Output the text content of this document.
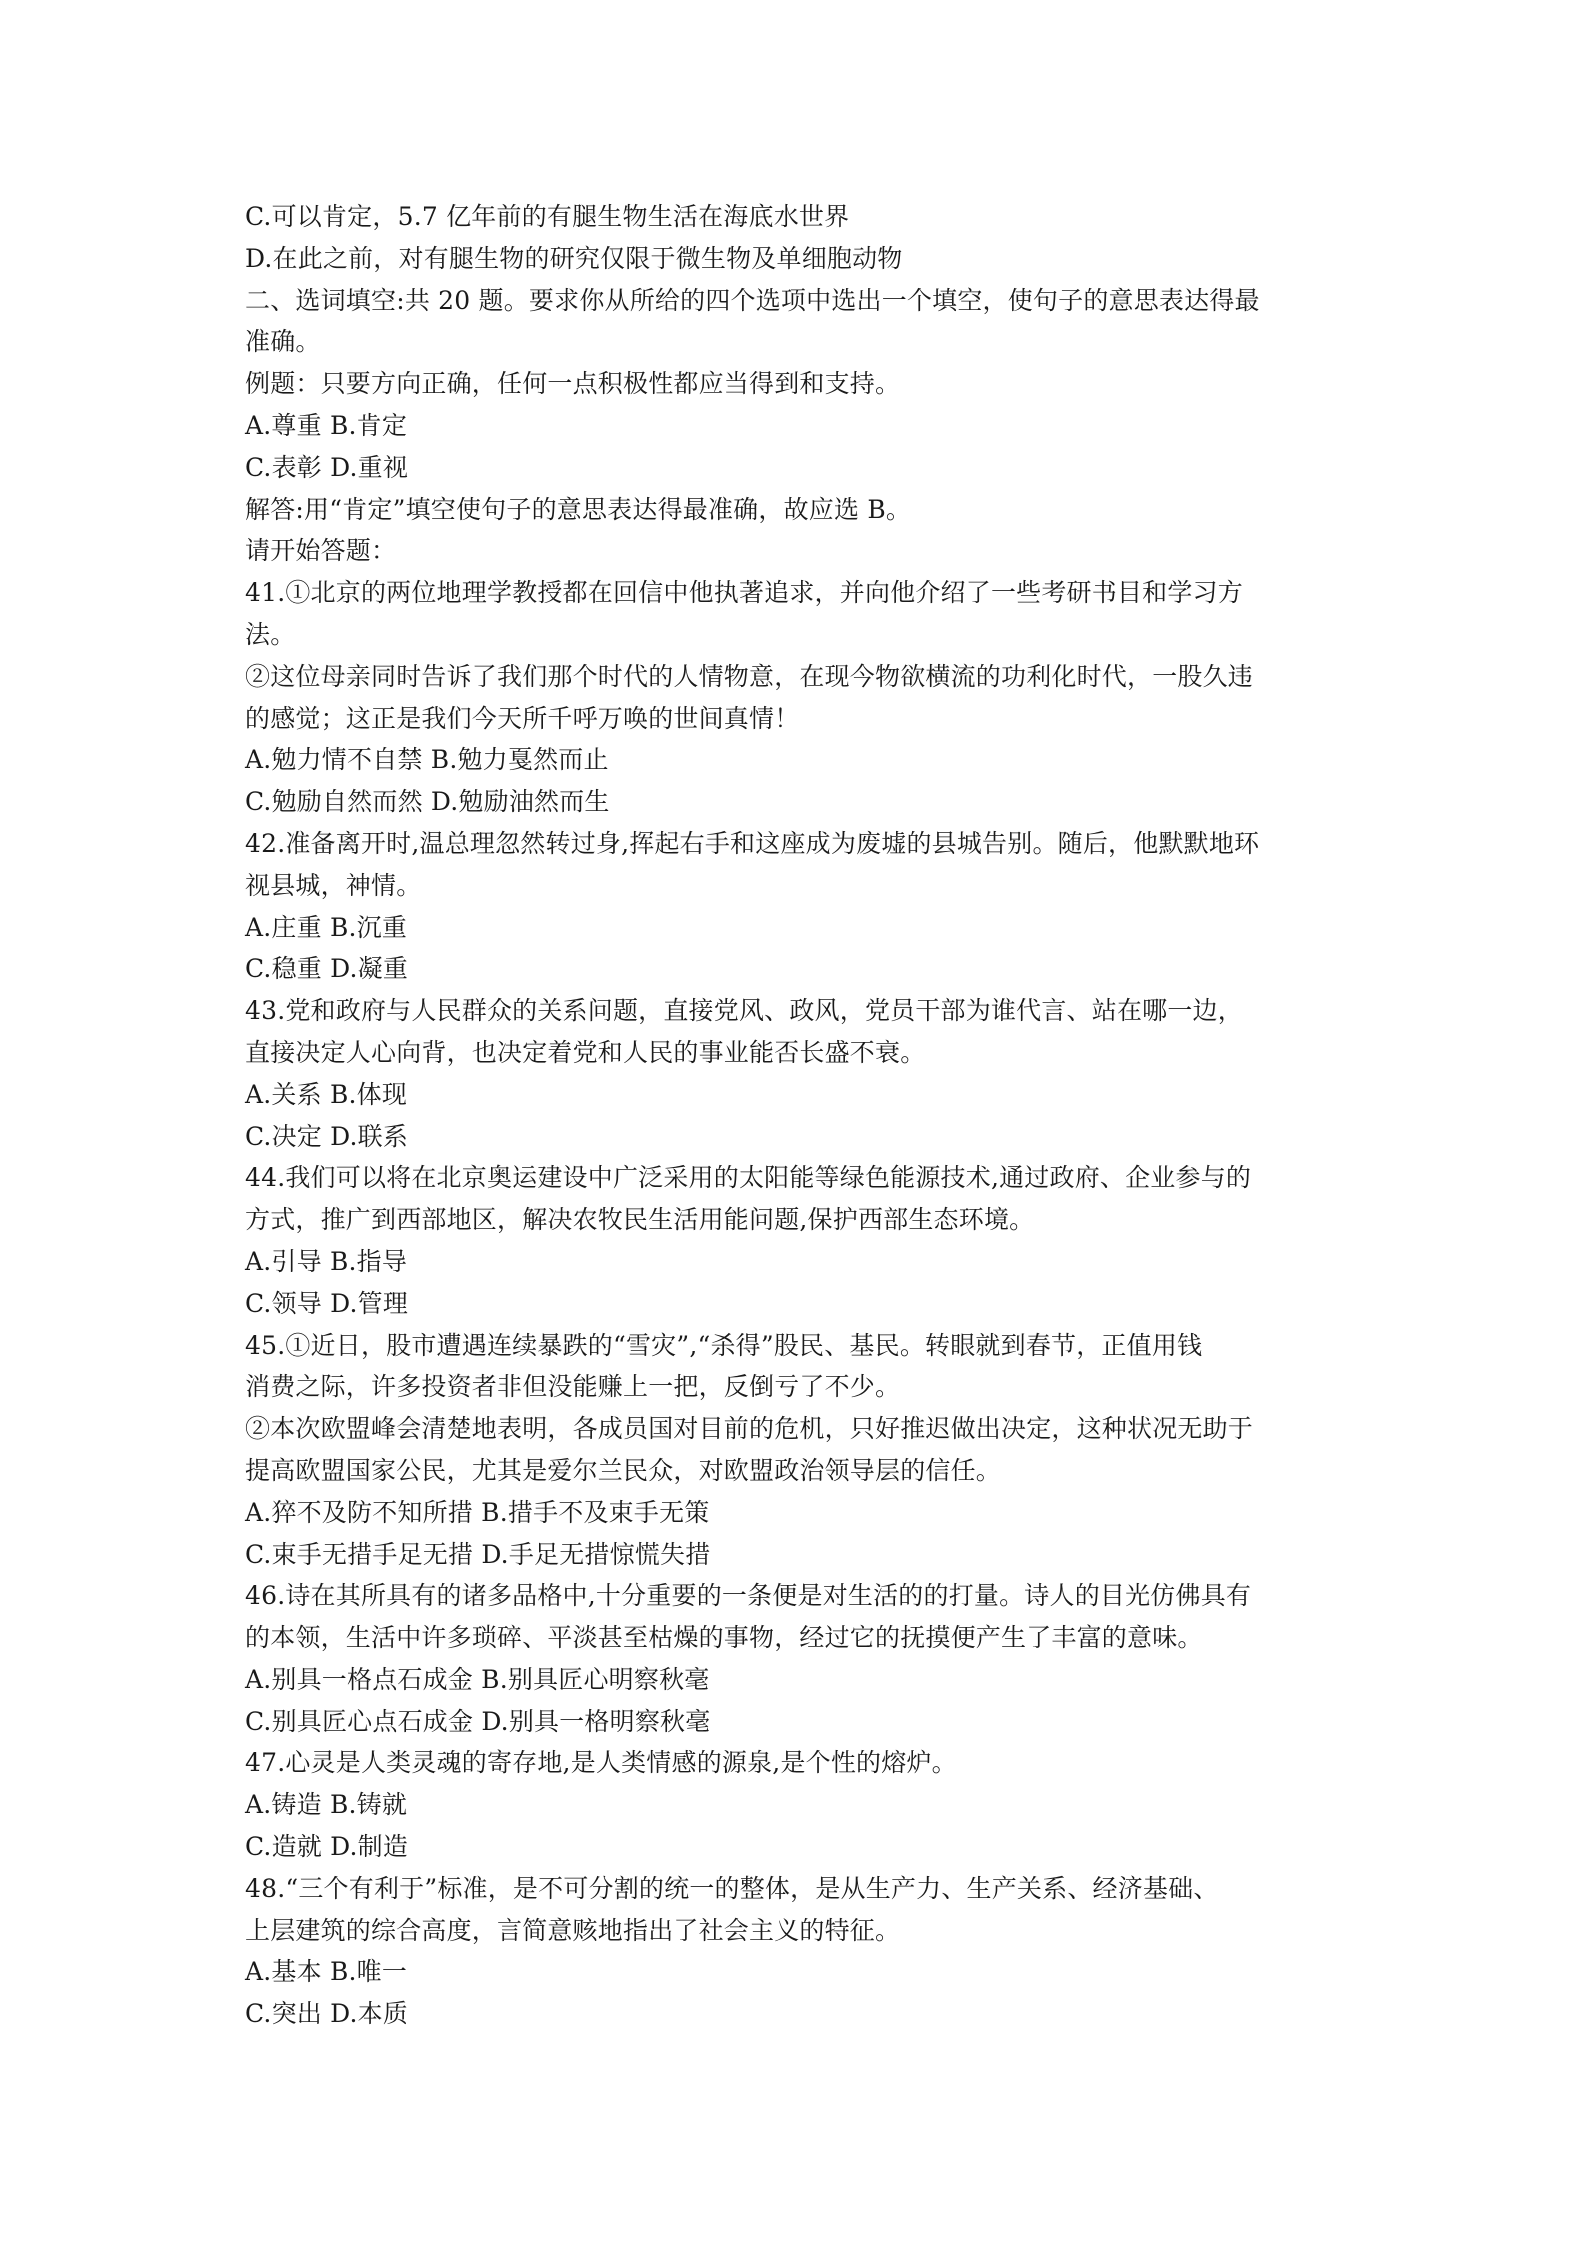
C.可以肯定，5.7 亿年前的有腿生物生活在海底水世界
D.在此之前，对有腿生物的研究仅限于微生物及单细胞动物
二、选词填空:共 20 题。要求你从所给的四个选项中选出一个填空，使句子的意思表达得最
准确。
例题：只要方向正确，任何一点积极性都应当得到和支持。
A.尊重 B.肯定
C.表彰 D.重视
解答:用“肯定”填空使句子的意思表达得最准确，故应选 B。
请开始答题：
41.①北京的两位地理学教授都在回信中他执著追求，并向他介绍了一些考研书目和学习方
法。
②这位母亲同时告诉了我们那个时代的人情物意，在现今物欲横流的功利化时代，一股久违
的感觉；这正是我们今天所千呼万唤的世间真情！
A.勉力情不自禁 B.勉力戛然而止
C.勉励自然而然 D.勉励油然而生
42.准备离开时,温总理忽然转过身,挥起右手和这座成为废墟的县城告别。随后，他默默地环
视县城，神情。
A.庄重 B.沉重
C.稳重 D.凝重
43.党和政府与人民群众的关系问题，直接党风、政风，党员干部为谁代言、站在哪一边，
直接决定人心向背，也决定着党和人民的事业能否长盛不衰。
A.关系 B.体现
C.决定 D.联系
44.我们可以将在北京奥运建设中广泛采用的太阳能等绿色能源技术,通过政府、企业参与的
方式，推广到西部地区，解决农牧民生活用能问题,保护西部生态环境。
A.引导 B.指导
C.领导 D.管理
45.①近日，股市遭遇连续暴跌的“雪灾”,“杀得”股民、基民。转眼就到春节，正值用钱
消费之际，许多投资者非但没能赚上一把，反倒亏了不少。
②本次欧盟峰会清楚地表明，各成员国对目前的危机，只好推迟做出决定，这种状况无助于
提高欧盟国家公民，尤其是爱尔兰民众，对欧盟政治领导层的信任。
A.猝不及防不知所措 B.措手不及束手无策
C.束手无措手足无措 D.手足无措惊慌失措
46.诗在其所具有的诸多品格中,十分重要的一条便是对生活的的打量。诗人的目光仿佛具有
的本领，生活中许多琐碎、平淡甚至枯燥的事物，经过它的抚摸便产生了丰富的意味。
A.别具一格点石成金 B.别具匠心明察秋毫
C.别具匠心点石成金 D.别具一格明察秋毫
47.心灵是人类灵魂的寄存地,是人类情感的源泉,是个性的熔炉。
A.铸造 B.铸就
C.造就 D.制造
48.“三个有利于”标准，是不可分割的统一的整体，是从生产力、生产关系、经济基础、
上层建筑的综合高度，言简意赅地指出了社会主义的特征。
A.基本 B.唯一
C.突出 D.本质
